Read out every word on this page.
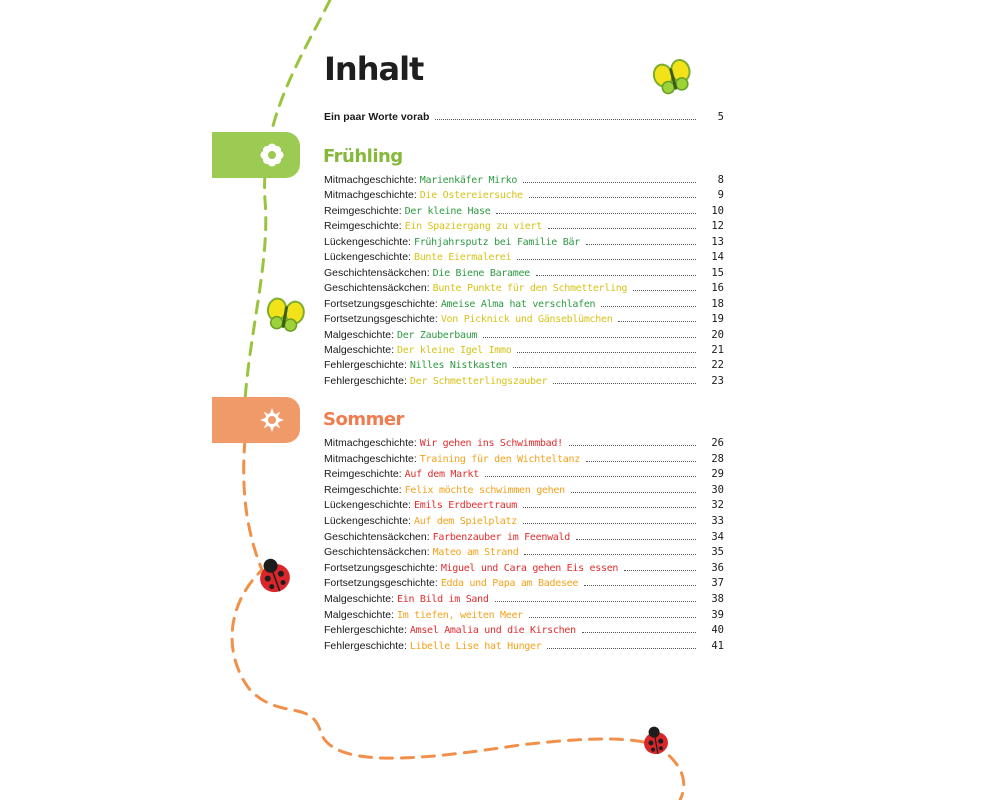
Inhalt
Ein paar Worte vorab	5
Frühling
Mitmachgeschichte: Marienkäfer Mirko	8
Mitmachgeschichte: Die Ostereiersuche	9
Reimgeschichte: Der kleine Hase	10
Reimgeschichte: Ein Spaziergang zu viert	12
Lückengeschichte: Frühjahrsputz bei Familie Bär	13
Lückengeschichte: Bunte Eiermalerei	14
Geschichtensäckchen: Die Biene Baramee	15
Geschichtensäckchen: Bunte Punkte für den Schmetterling	16
Fortsetzungsgeschichte: Ameise Alma hat verschlafen	18
Fortsetzungsgeschichte: Von Picknick und Gänseblümchen	19
Malgeschichte: Der Zauberbaum	20
Malgeschichte: Der kleine Igel Immo	21
Fehlergeschichte: Nilles Nistkasten	22
Fehlergeschichte: Der Schmetterlingszauber	23
Sommer
Mitmachgeschichte: Wir gehen ins Schwimmbad!	26
Mitmachgeschichte: Training für den Wichteltanz	28
Reimgeschichte: Auf dem Markt	29
Reimgeschichte: Felix möchte schwimmen gehen	30
Lückengeschichte: Emils Erdbeertraum	32
Lückengeschichte: Auf dem Spielplatz	33
Geschichtensäckchen: Farbenzauber im Feenwald	34
Geschichtensäckchen: Mateo am Strand	35
Fortsetzungsgeschichte: Miguel und Cara gehen Eis essen	36
Fortsetzungsgeschichte: Edda und Papa am Badesee	37
Malgeschichte: Ein Bild im Sand	38
Malgeschichte: Im tiefen, weiten Meer	39
Fehlergeschichte: Amsel Amalia und die Kirschen	40
Fehlergeschichte: Libelle Lise hat Hunger	41
